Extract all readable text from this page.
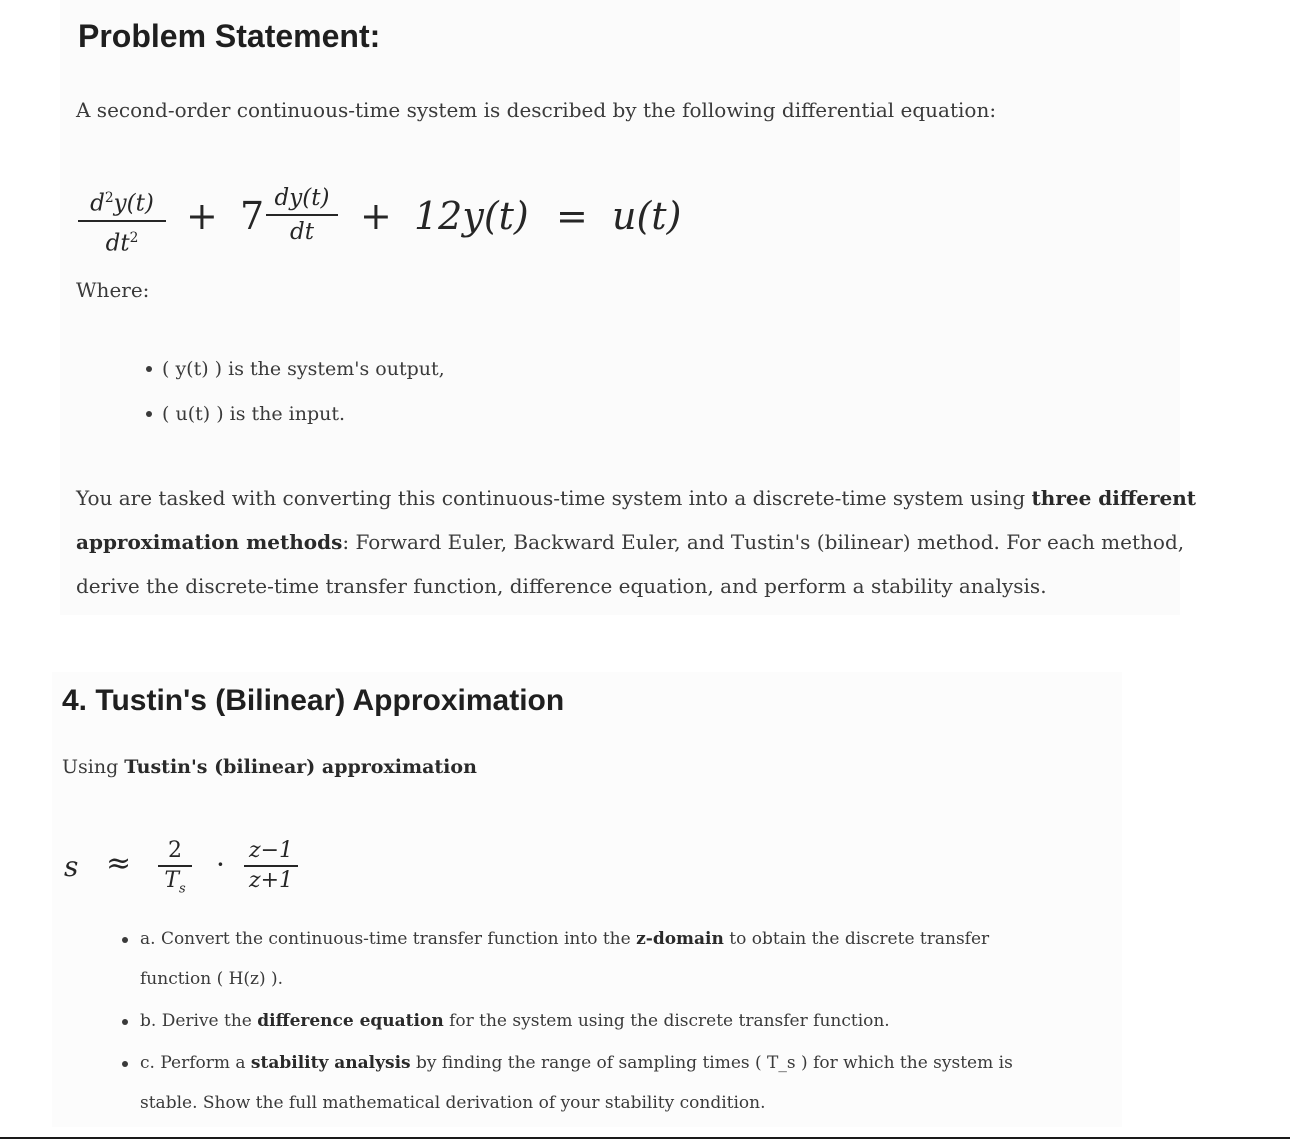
Problem Statement:
A second-order continuous-time system is described by the following differential equation:
$d^2y(t)$
$dt^2$	+ 7 dy(t)
dt	+ 12y(t) = u(t)
Where:
( y(t) ) is the system's output,
( u(t) ) is the input.
You are tasked with converting this continuous-time system into a discrete-time system using three different
approximation methods: Forward Euler, Backward Euler, and Tustin's (bilinear) method. For each method,
derive the discrete-time transfer function, difference equation, and perform a stability analysis.
4. Tustin's (Bilinear) Approximation
Using Tustin's (bilinear) approximation
s ≈	2
$T_s$
· z−1
z+1
a. Convert the continuous-time transfer function into the z-domain to obtain the discrete transfer
function ( H(z) ).
b. Derive the difference equation for the system using the discrete transfer function.
c. Perform a stability analysis by finding the range of sampling times ( T_s ) for which the system is
stable. Show the full mathematical derivation of your stability condition.
